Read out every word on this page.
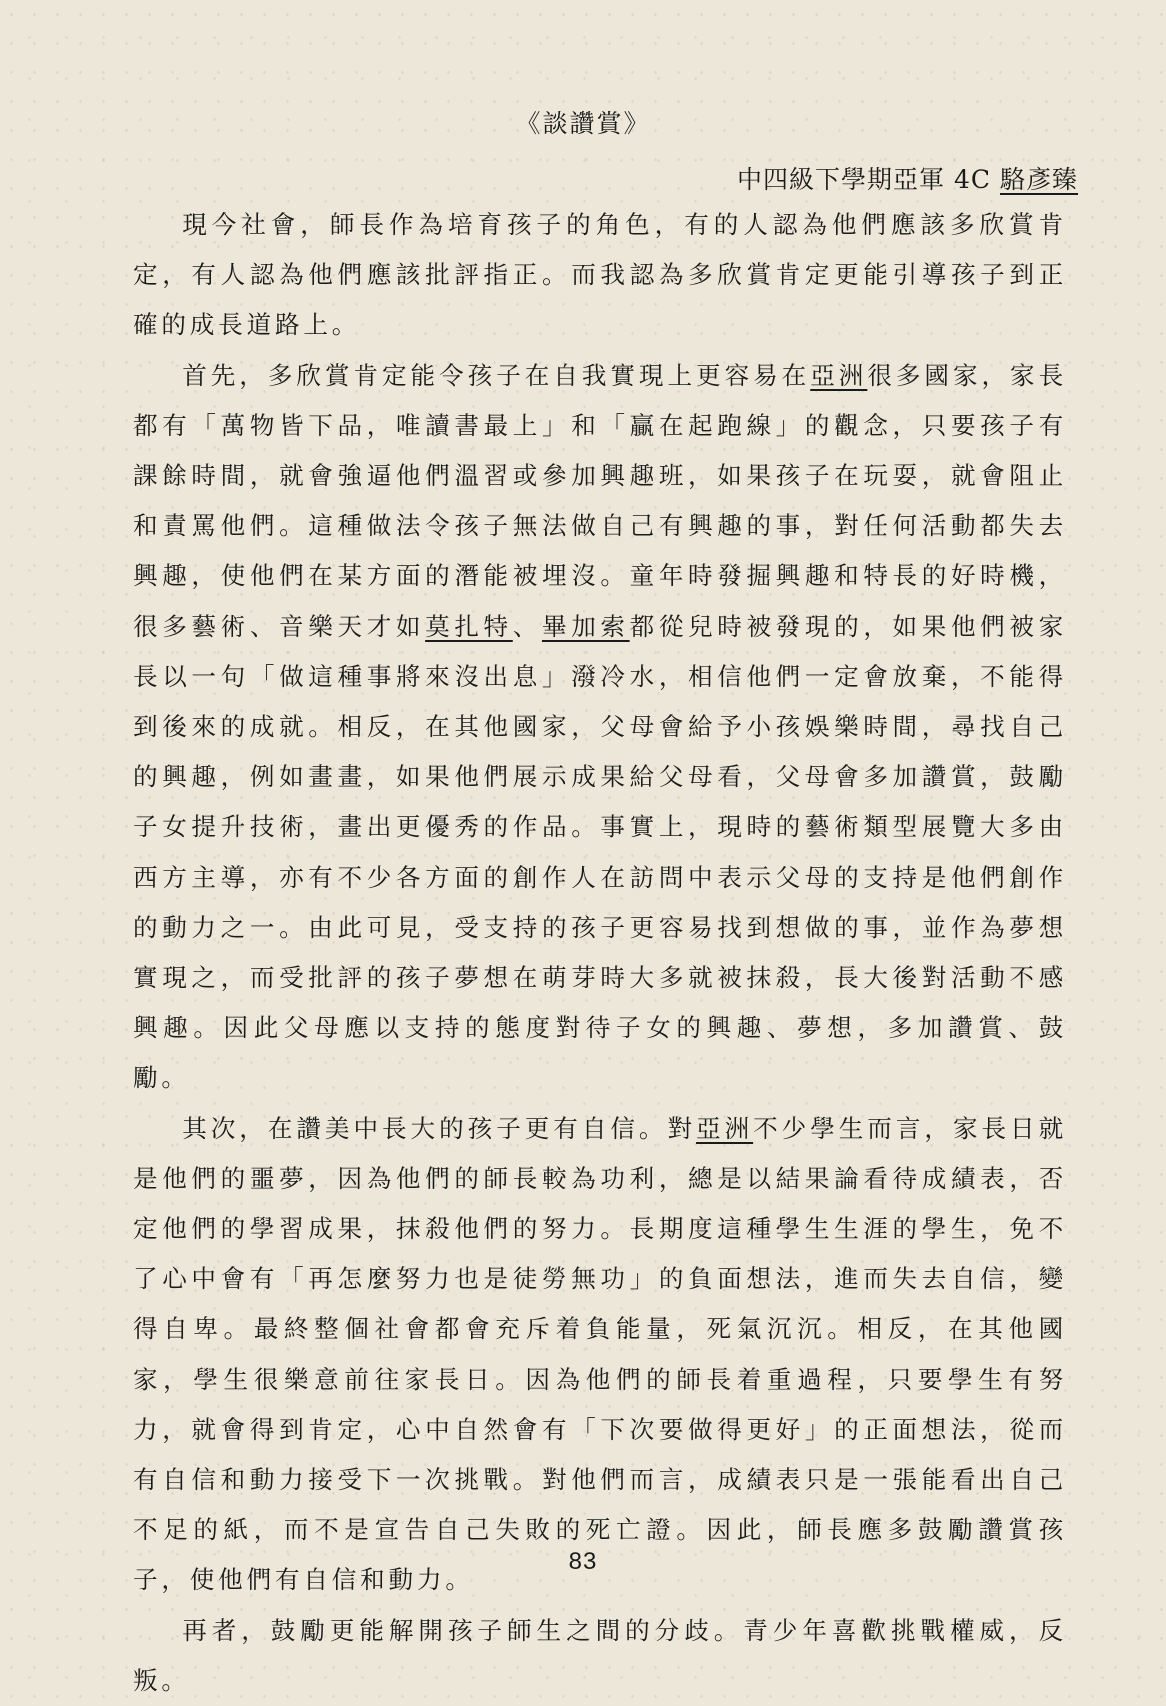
《談讚賞》
中四級下學期亞軍 4C 駱彥臻

現今社會，師長作為培育孩子的角色，有的人認為他們應該多欣賞肯定，有人認為他們應該批評指正。而我認為多欣賞肯定更能引導孩子到正確的成長道路上。

首先，多欣賞肯定能令孩子在自我實現上更容易在亞洲很多國家，家長都有「萬物皆下品，唯讀書最上」和「贏在起跑線」的觀念，只要孩子有課餘時間，就會強逼他們溫習或參加興趣班，如果孩子在玩耍，就會阻止和責罵他們。這種做法令孩子無法做自己有興趣的事，對任何活動都失去興趣，使他們在某方面的潛能被埋沒。童年時發掘興趣和特長的好時機，很多藝術、音樂天才如莫扎特、畢加索都從兒時被發現的，如果他們被家長以一句「做這種事將來沒出息」潑冷水，相信他們一定會放棄，不能得到後來的成就。相反，在其他國家，父母會給予小孩娛樂時間，尋找自己的興趣，例如畫畫，如果他們展示成果給父母看，父母會多加讚賞，鼓勵子女提升技術，畫出更優秀的作品。事實上，現時的藝術類型展覽大多由西方主導，亦有不少各方面的創作人在訪問中表示父母的支持是他們創作的動力之一。由此可見，受支持的孩子更容易找到想做的事，並作為夢想實現之，而受批評的孩子夢想在萌芽時大多就被抹殺，長大後對活動不感興趣。因此父母應以支持的態度對待子女的興趣、夢想，多加讚賞、鼓勵。

其次，在讚美中長大的孩子更有自信。對亞洲不少學生而言，家長日就是他們的噩夢，因為他們的師長較為功利，總是以結果論看待成績表，否定他們的學習成果，抹殺他們的努力。長期度這種學生生涯的學生，免不了心中會有「再怎麼努力也是徒勞無功」的負面想法，進而失去自信，變得自卑。最終整個社會都會充斥着負能量，死氣沉沉。相反，在其他國家，學生很樂意前往家長日。因為他們的師長着重過程，只要學生有努力，就會得到肯定，心中自然會有「下次要做得更好」的正面想法，從而有自信和動力接受下一次挑戰。對他們而言，成績表只是一張能看出自己不足的紙，而不是宣告自己失敗的死亡證。因此，師長應多鼓勵讚賞孩子，使他們有自信和動力。

再者，鼓勵更能解開孩子師生之間的分歧。青少年喜歡挑戰權威，反叛。

83
